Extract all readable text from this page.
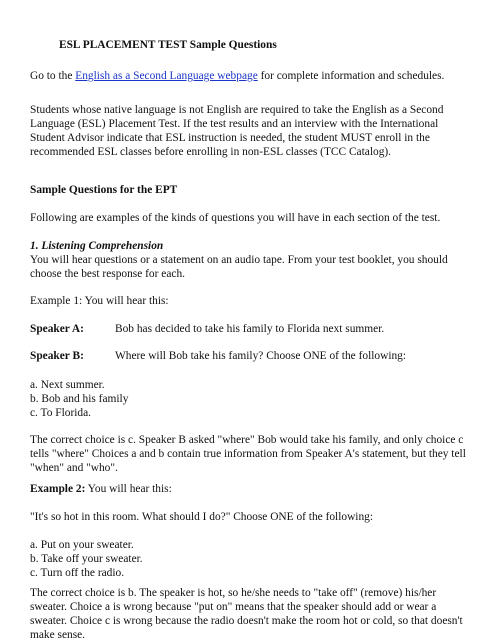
ESL PLACEMENT TEST Sample Questions

Go to the English as a Second Language webpage for complete information and schedules.

Students whose native language is not English are required to take the English as a Second Language (ESL) Placement Test. If the test results and an interview with the International Student Advisor indicate that ESL instruction is needed, the student MUST enroll in the recommended ESL classes before enrolling in non-ESL classes (TCC Catalog).

Sample Questions for the EPT

Following are examples of the kinds of questions you will have in each section of the test.

1. Listening Comprehension

You will hear questions or a statement on an audio tape. From your test booklet, you should choose the best response for each.

Example 1: You will hear this:

Speaker A:	Bob has decided to take his family to Florida next summer.
Speaker B:	Where will Bob take his family? Choose ONE of the following:
a. Next summer.
b. Bob and his family
c. To Florida.

The correct choice is c. Speaker B asked "where" Bob would take his family, and only choice c tells "where" Choices a and b contain true information from Speaker A's statement, but they tell "when" and "who".

Example 2: You will hear this:

"It's so hot in this room. What should I do?" Choose ONE of the following:

a. Put on your sweater.
b. Take off your sweater.
c. Turn off the radio.

The correct choice is b. The speaker is hot, so he/she needs to "take off" (remove) his/her sweater. Choice a is wrong because "put on" means that the speaker should add or wear a sweater. Choice c is wrong because the radio doesn't make the room hot or cold, so that doesn't make sense.
